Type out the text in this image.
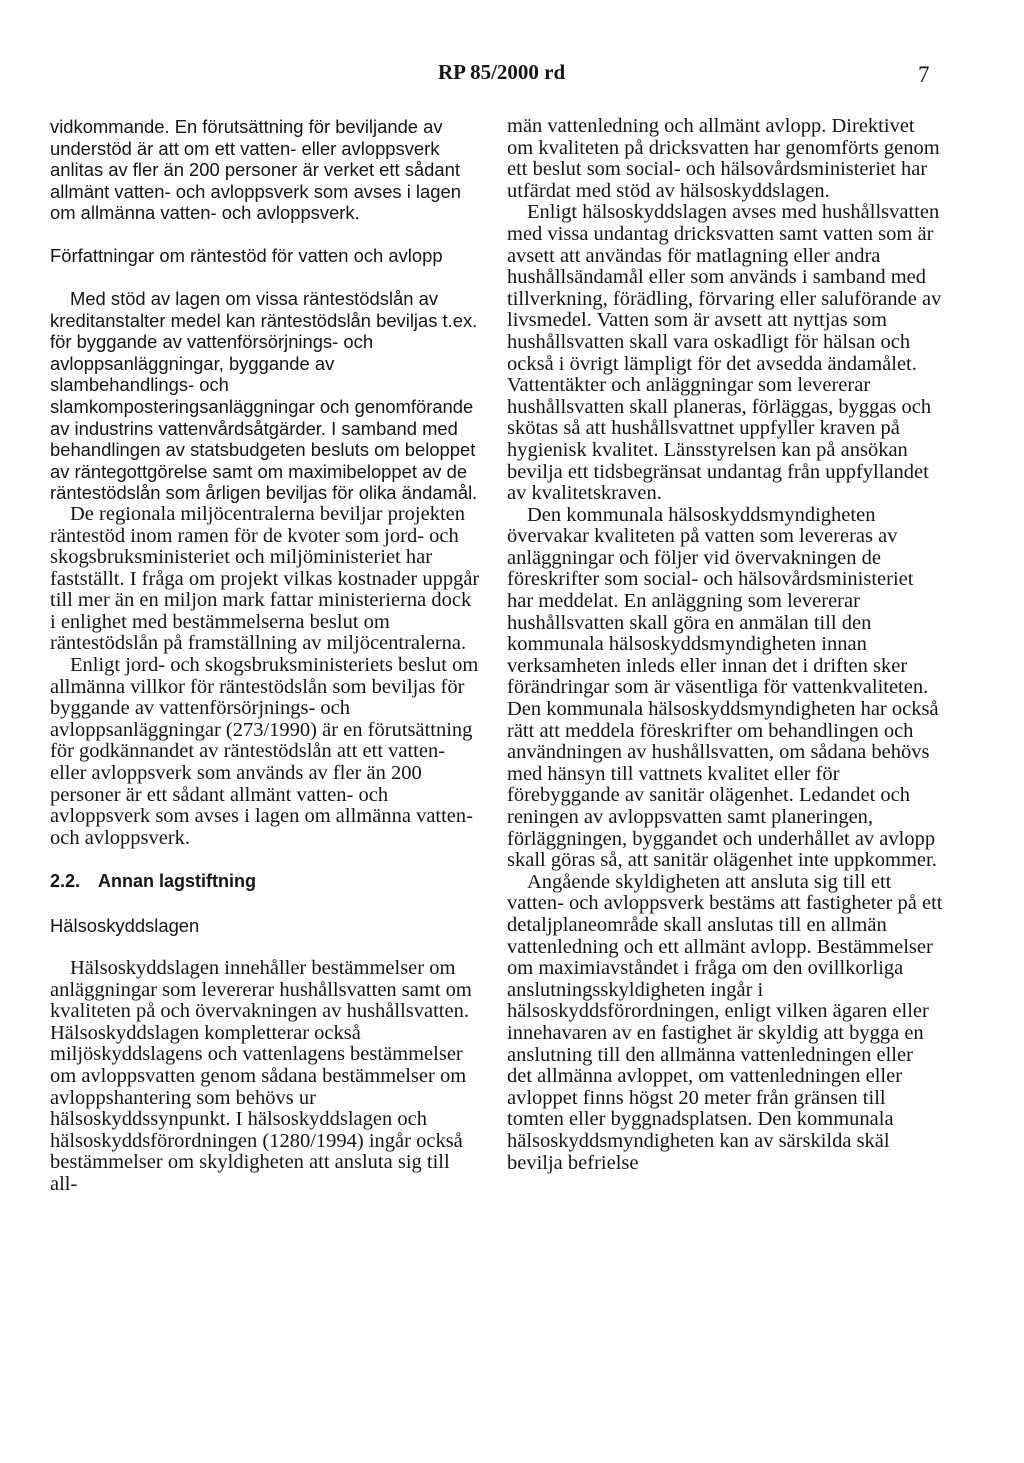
RP 85/2000 rd	7

vidkommande. En förutsättning för beviljande av understöd är att om ett vatten- eller avloppsverk anlitas av fler än 200 personer är verket ett sådant allmänt vatten- och avloppsverk som avses i lagen om allmänna vatten- och avloppsverk.

Författningar om räntestöd för vatten och avlopp

Med stöd av lagen om vissa räntestödslån av kreditanstalter medel kan räntestödslån beviljas t.ex. för byggande av vattenförsörjnings- och avloppsanläggningar, byggande av slambehandlings- och slamkomposteringsanläggningar och genomförande av industrins vattenvårdsåtgärder. I samband med behandlingen av statsbudgeten besluts om beloppet av räntegottgörelse samt om maximibeloppet av de räntestödslån som årligen beviljas för olika ändamål.

De regionala miljöcentralerna beviljar projekten räntestöd inom ramen för de kvoter som jord- och skogsbruksministeriet och miljöministeriet har fastställt. I fråga om projekt vilkas kostnader uppgår till mer än en miljon mark fattar ministerierna dock i enlighet med bestämmelserna beslut om räntestödslån på framställning av miljöcentralerna.

Enligt jord- och skogsbruksministeriets beslut om allmänna villkor för räntestödslån som beviljas för byggande av vattenförsörjnings- och avloppsanläggningar (273/1990) är en förutsättning för godkännandet av räntestödslån att ett vatten- eller avloppsverk som används av fler än 200 personer är ett sådant allmänt vatten- och avloppsverk som avses i lagen om allmänna vatten- och avloppsverk.

2.2. Annan lagstiftning

Hälsoskyddslagen

Hälsoskyddslagen innehåller bestämmelser om anläggningar som levererar hushållsvatten samt om kvaliteten på och övervakningen av hushållsvatten. Hälsoskyddslagen kompletterar också miljöskyddslagens och vattenlagens bestämmelser om avloppsvatten genom sådana bestämmelser om avloppshantering som behövs ur hälsoskyddssynpunkt. I hälsoskyddslagen och hälsoskyddsförordningen (1280/1994) ingår också bestämmelser om skyldigheten att ansluta sig till all-

män vattenledning och allmänt avlopp. Direktivet om kvaliteten på dricksvatten har genomförts genom ett beslut som social- och hälsovårdsministeriet har utfärdat med stöd av hälsoskyddslagen.

Enligt hälsoskyddslagen avses med hushållsvatten med vissa undantag dricksvatten samt vatten som är avsett att användas för matlagning eller andra hushållsändamål eller som används i samband med tillverkning, förädling, förvaring eller saluförande av livsmedel. Vatten som är avsett att nyttjas som hushållsvatten skall vara oskadligt för hälsan och också i övrigt lämpligt för det avsedda ändamålet. Vattentäkter och anläggningar som levererar hushållsvatten skall planeras, förläggas, byggas och skötas så att hushållsvattnet uppfyller kraven på hygienisk kvalitet. Länsstyrelsen kan på ansökan bevilja ett tidsbegränsat undantag från uppfyllandet av kvalitetskraven.

Den kommunala hälsoskyddsmyndigheten övervakar kvaliteten på vatten som levereras av anläggningar och följer vid övervakningen de föreskrifter som social- och hälsovårdsministeriet har meddelat. En anläggning som levererar hushållsvatten skall göra en anmälan till den kommunala hälsoskyddsmyndigheten innan verksamheten inleds eller innan det i driften sker förändringar som är väsentliga för vattenkvaliteten. Den kommunala hälsoskyddsmyndigheten har också rätt att meddela föreskrifter om behandlingen och användningen av hushållsvatten, om sådana behövs med hänsyn till vattnets kvalitet eller för förebyggande av sanitär olägenhet. Ledandet och reningen av avloppsvatten samt planeringen, förläggningen, byggandet och underhållet av avlopp skall göras så, att sanitär olägenhet inte uppkommer.

Angående skyldigheten att ansluta sig till ett vatten- och avloppsverk bestäms att fastigheter på ett detaljplaneområde skall anslutas till en allmän vattenledning och ett allmänt avlopp. Bestämmelser om maximiavståndet i fråga om den ovillkorliga anslutningsskyldigheten ingår i hälsoskyddsförordningen, enligt vilken ägaren eller innehavaren av en fastighet är skyldig att bygga en anslutning till den allmänna vattenledningen eller det allmänna avloppet, om vattenledningen eller avloppet finns högst 20 meter från gränsen till tomten eller byggnadsplatsen. Den kommunala hälsoskyddsmyndigheten kan av särskilda skäl bevilja befrielse
